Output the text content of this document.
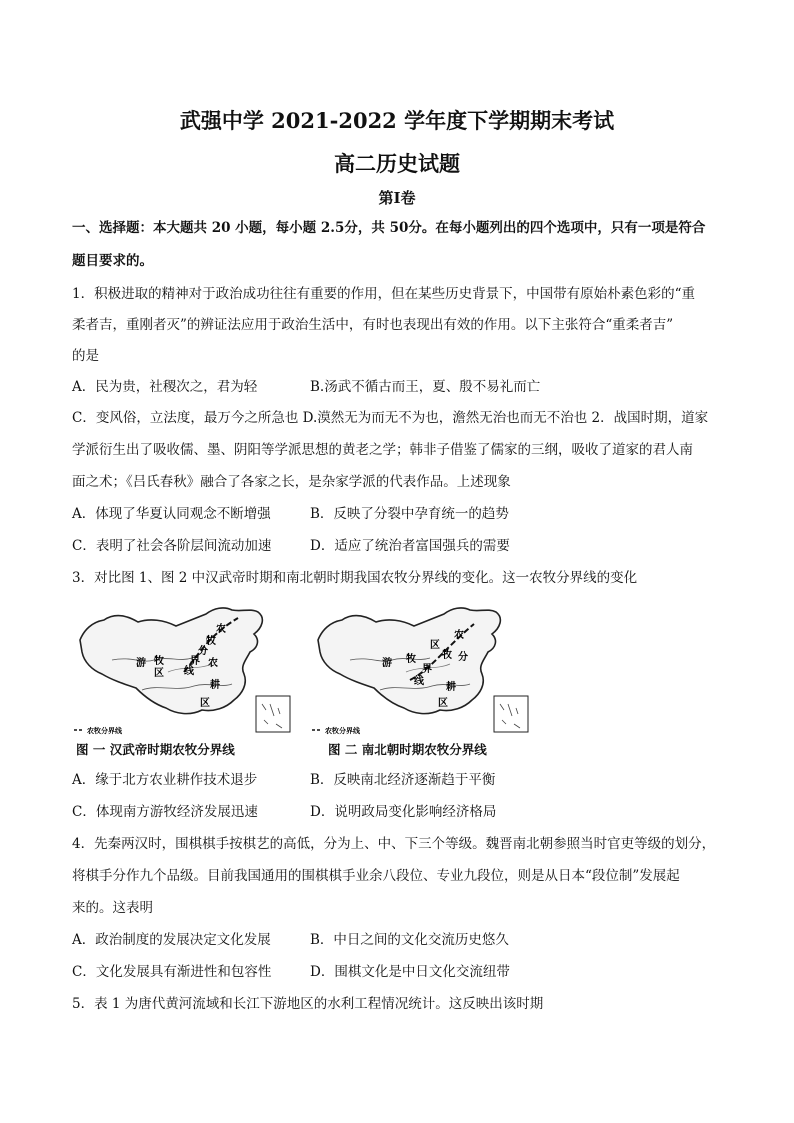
武强中学 2021-2022 学年度下学期期末考试
高二历史试题
第Ⅰ卷
一、选择题：本大题共 20 小题，每小题 2.5分，共 50分。在每小题列出的四个选项中，只有一项是符合
题目要求的。
1．积极进取的精神对于政治成功往往有重要的作用，但在某些历史背景下，中国带有原始朴素色彩的“重
柔者吉，重刚者灭”的辨证法应用于政治生活中，有时也表现出有效的作用。以下主张符合“重柔者吉”
的是
A．民为贵，社稷次之，君为轻	B.汤武不循古而王，夏、殷不易礼而亡
C．变风俗，立法度，最万今之所急也 D.漠然无为而无不为也，澹然无治也而无不治也 2．战国时期，道家
学派衍生出了吸收儒、墨、阴阳等学派思想的黄老之学；韩非子借鉴了儒家的三纲，吸收了道家的君人南
面之术；《吕氏春秋》融合了各家之长，是杂家学派的代表作品。上述现象
A．体现了华夏认同观念不断增强	B．反映了分裂中孕育统一的趋势
C．表明了社会各阶层间流动加速	D．适应了统治者富国强兵的需要
3．对比图 1、图 2 中汉武帝时期和南北朝时期我国农牧分界线的变化。这一农牧分界线的变化
游 牧
区
农
牧
分
界
线
农
耕
区
农牧分界线
图 一 汉武帝时期农牧分界线
游 牧
区
农
牧 分
界
线
耕
区
农牧分界线
图 二 南北朝时期农牧分界线
A．缘于北方农业耕作技术退步	B．反映南北经济逐渐趋于平衡
C．体现南方游牧经济发展迅速	D．说明政局变化影响经济格局
4．先秦两汉时，围棋棋手按棋艺的高低，分为上、中、下三个等级。魏晋南北朝参照当时官吏等级的划分，
将棋手分作九个品级。目前我国通用的围棋棋手业余八段位、专业九段位，则是从日本“段位制”发展起
来的。这表明
A．政治制度的发展决定文化发展	B．中日之间的文化交流历史悠久
C．文化发展具有渐进性和包容性	D．围棋文化是中日文化交流纽带
5．表 1 为唐代黄河流域和长江下游地区的水利工程情况统计。这反映出该时期
